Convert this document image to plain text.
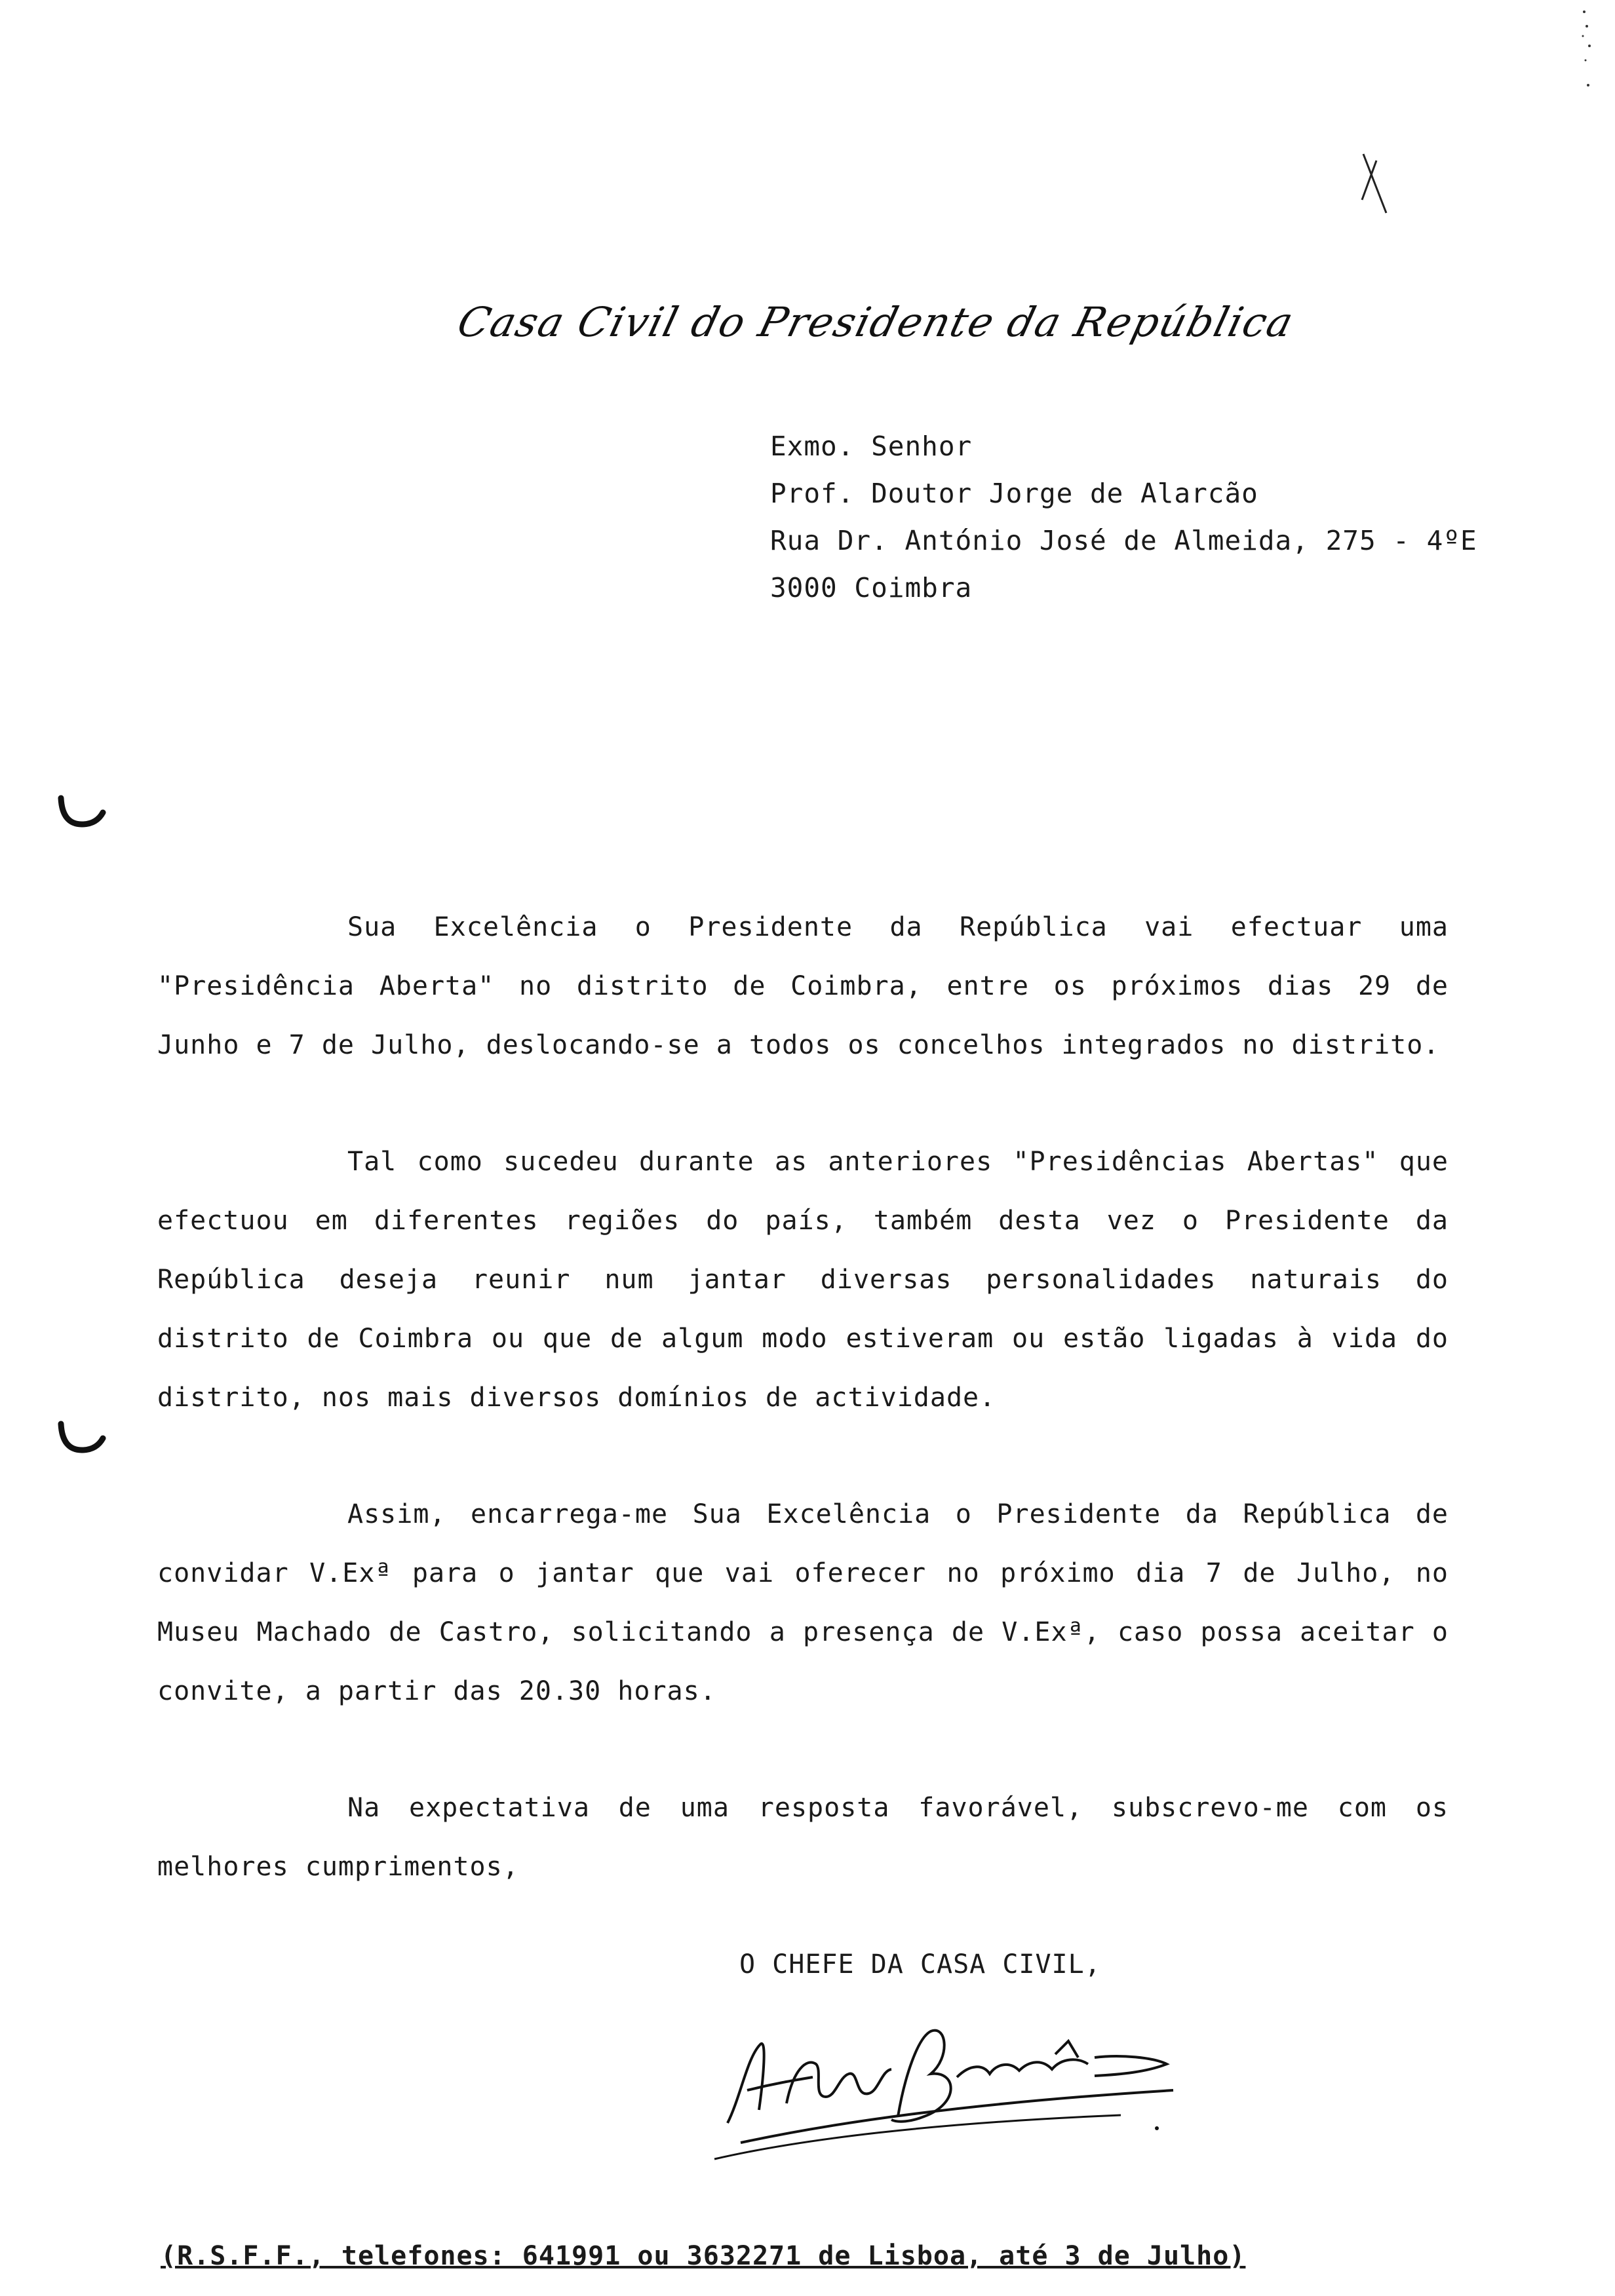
Casa Civil do Presidente da República
Exmo. Senhor
Prof. Doutor Jorge de Alarcão
Rua Dr. António José de Almeida, 275 - 4ºE
3000 Coimbra

Sua Excelência o Presidente da República vai efectuar uma "Presidência Aberta" no distrito de Coimbra, entre os próximos dias 29 de Junho e 7 de Julho, deslocando-se a todos os concelhos integrados no distrito.

Tal como sucedeu durante as anteriores "Presidências Abertas" que efectuou em diferentes regiões do país, também desta vez o Presidente da República deseja reunir num jantar diversas personalidades naturais do distrito de Coimbra ou que de algum modo estiveram ou estão ligadas à vida do distrito, nos mais diversos domínios de actividade.

Assim, encarrega-me Sua Excelência o Presidente da República de convidar V.Exª para o jantar que vai oferecer no próximo dia 7 de Julho, no Museu Machado de Castro, solicitando a presença de V.Exª, caso possa aceitar o convite, a partir das 20.30 horas.

Na expectativa de uma resposta favorável, subscrevo-me com os melhores cumprimentos,

O CHEFE DA CASA CIVIL,
(R.S.F.F., telefones: 641991 ou 3632271 de Lisboa, até 3 de Julho)
